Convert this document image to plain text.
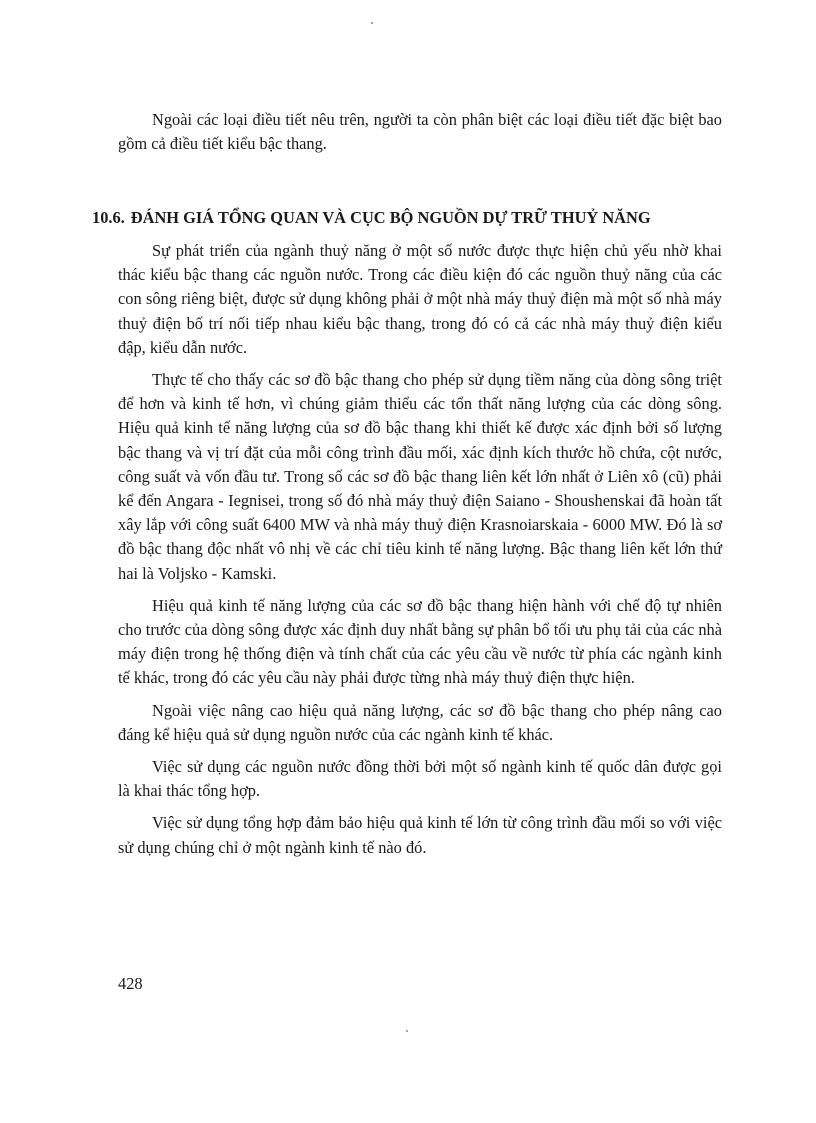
Ngoài các loại điều tiết nêu trên, người ta còn phân biệt các loại điều tiết đặc biệt bao gồm cả điều tiết kiểu bậc thang.

10.6. ĐÁNH GIÁ TỔNG QUAN VÀ CỤC BỘ NGUỒN DỰ TRỮ THUỶ NĂNG

Sự phát triển của ngành thuỷ năng ở một số nước được thực hiện chủ yếu nhờ khai thác kiểu bậc thang các nguồn nước. Trong các điều kiện đó các nguồn thuỷ năng của các con sông riêng biệt, được sử dụng không phải ở một nhà máy thuỷ điện mà một số nhà máy thuỷ điện bố trí nối tiếp nhau kiểu bậc thang, trong đó có cả các nhà máy thuỷ điện kiểu đập, kiểu dẫn nước.

Thực tế cho thấy các sơ đồ bậc thang cho phép sử dụng tiềm năng của dòng sông triệt để hơn và kinh tế hơn, vì chúng giảm thiểu các tổn thất năng lượng của các dòng sông. Hiệu quả kinh tế năng lượng của sơ đồ bậc thang khi thiết kế được xác định bởi số lượng bậc thang và vị trí đặt của mỗi công trình đầu mối, xác định kích thước hồ chứa, cột nước, công suất và vốn đầu tư. Trong số các sơ đồ bậc thang liên kết lớn nhất ở Liên xô (cũ) phải kể đến Angara - Iegnisei, trong số đó nhà máy thuỷ điện Saiano - Shoushenskai đã hoàn tất xây lắp với công suất 6400 MW và nhà máy thuỷ điện Krasnoiarskaia - 6000 MW. Đó là sơ đồ bậc thang độc nhất vô nhị về các chỉ tiêu kinh tế năng lượng. Bậc thang liên kết lớn thứ hai là Voljsko - Kamski.

Hiệu quả kinh tế năng lượng của các sơ đồ bậc thang hiện hành với chế độ tự nhiên cho trước của dòng sông được xác định duy nhất bằng sự phân bổ tối ưu phụ tải của các nhà máy điện trong hệ thống điện và tính chất của các yêu cầu về nước từ phía các ngành kinh tế khác, trong đó các yêu cầu này phải được từng nhà máy thuỷ điện thực hiện.

Ngoài việc nâng cao hiệu quả năng lượng, các sơ đồ bậc thang cho phép nâng cao đáng kể hiệu quả sử dụng nguồn nước của các ngành kinh tế khác.

Việc sử dụng các nguồn nước đồng thời bởi một số ngành kinh tế quốc dân được gọi là khai thác tổng hợp.

Việc sử dụng tổng hợp đảm bảo hiệu quả kinh tế lớn từ công trình đầu mối so với việc sử dụng chúng chỉ ở một ngành kinh tế nào đó.

428
